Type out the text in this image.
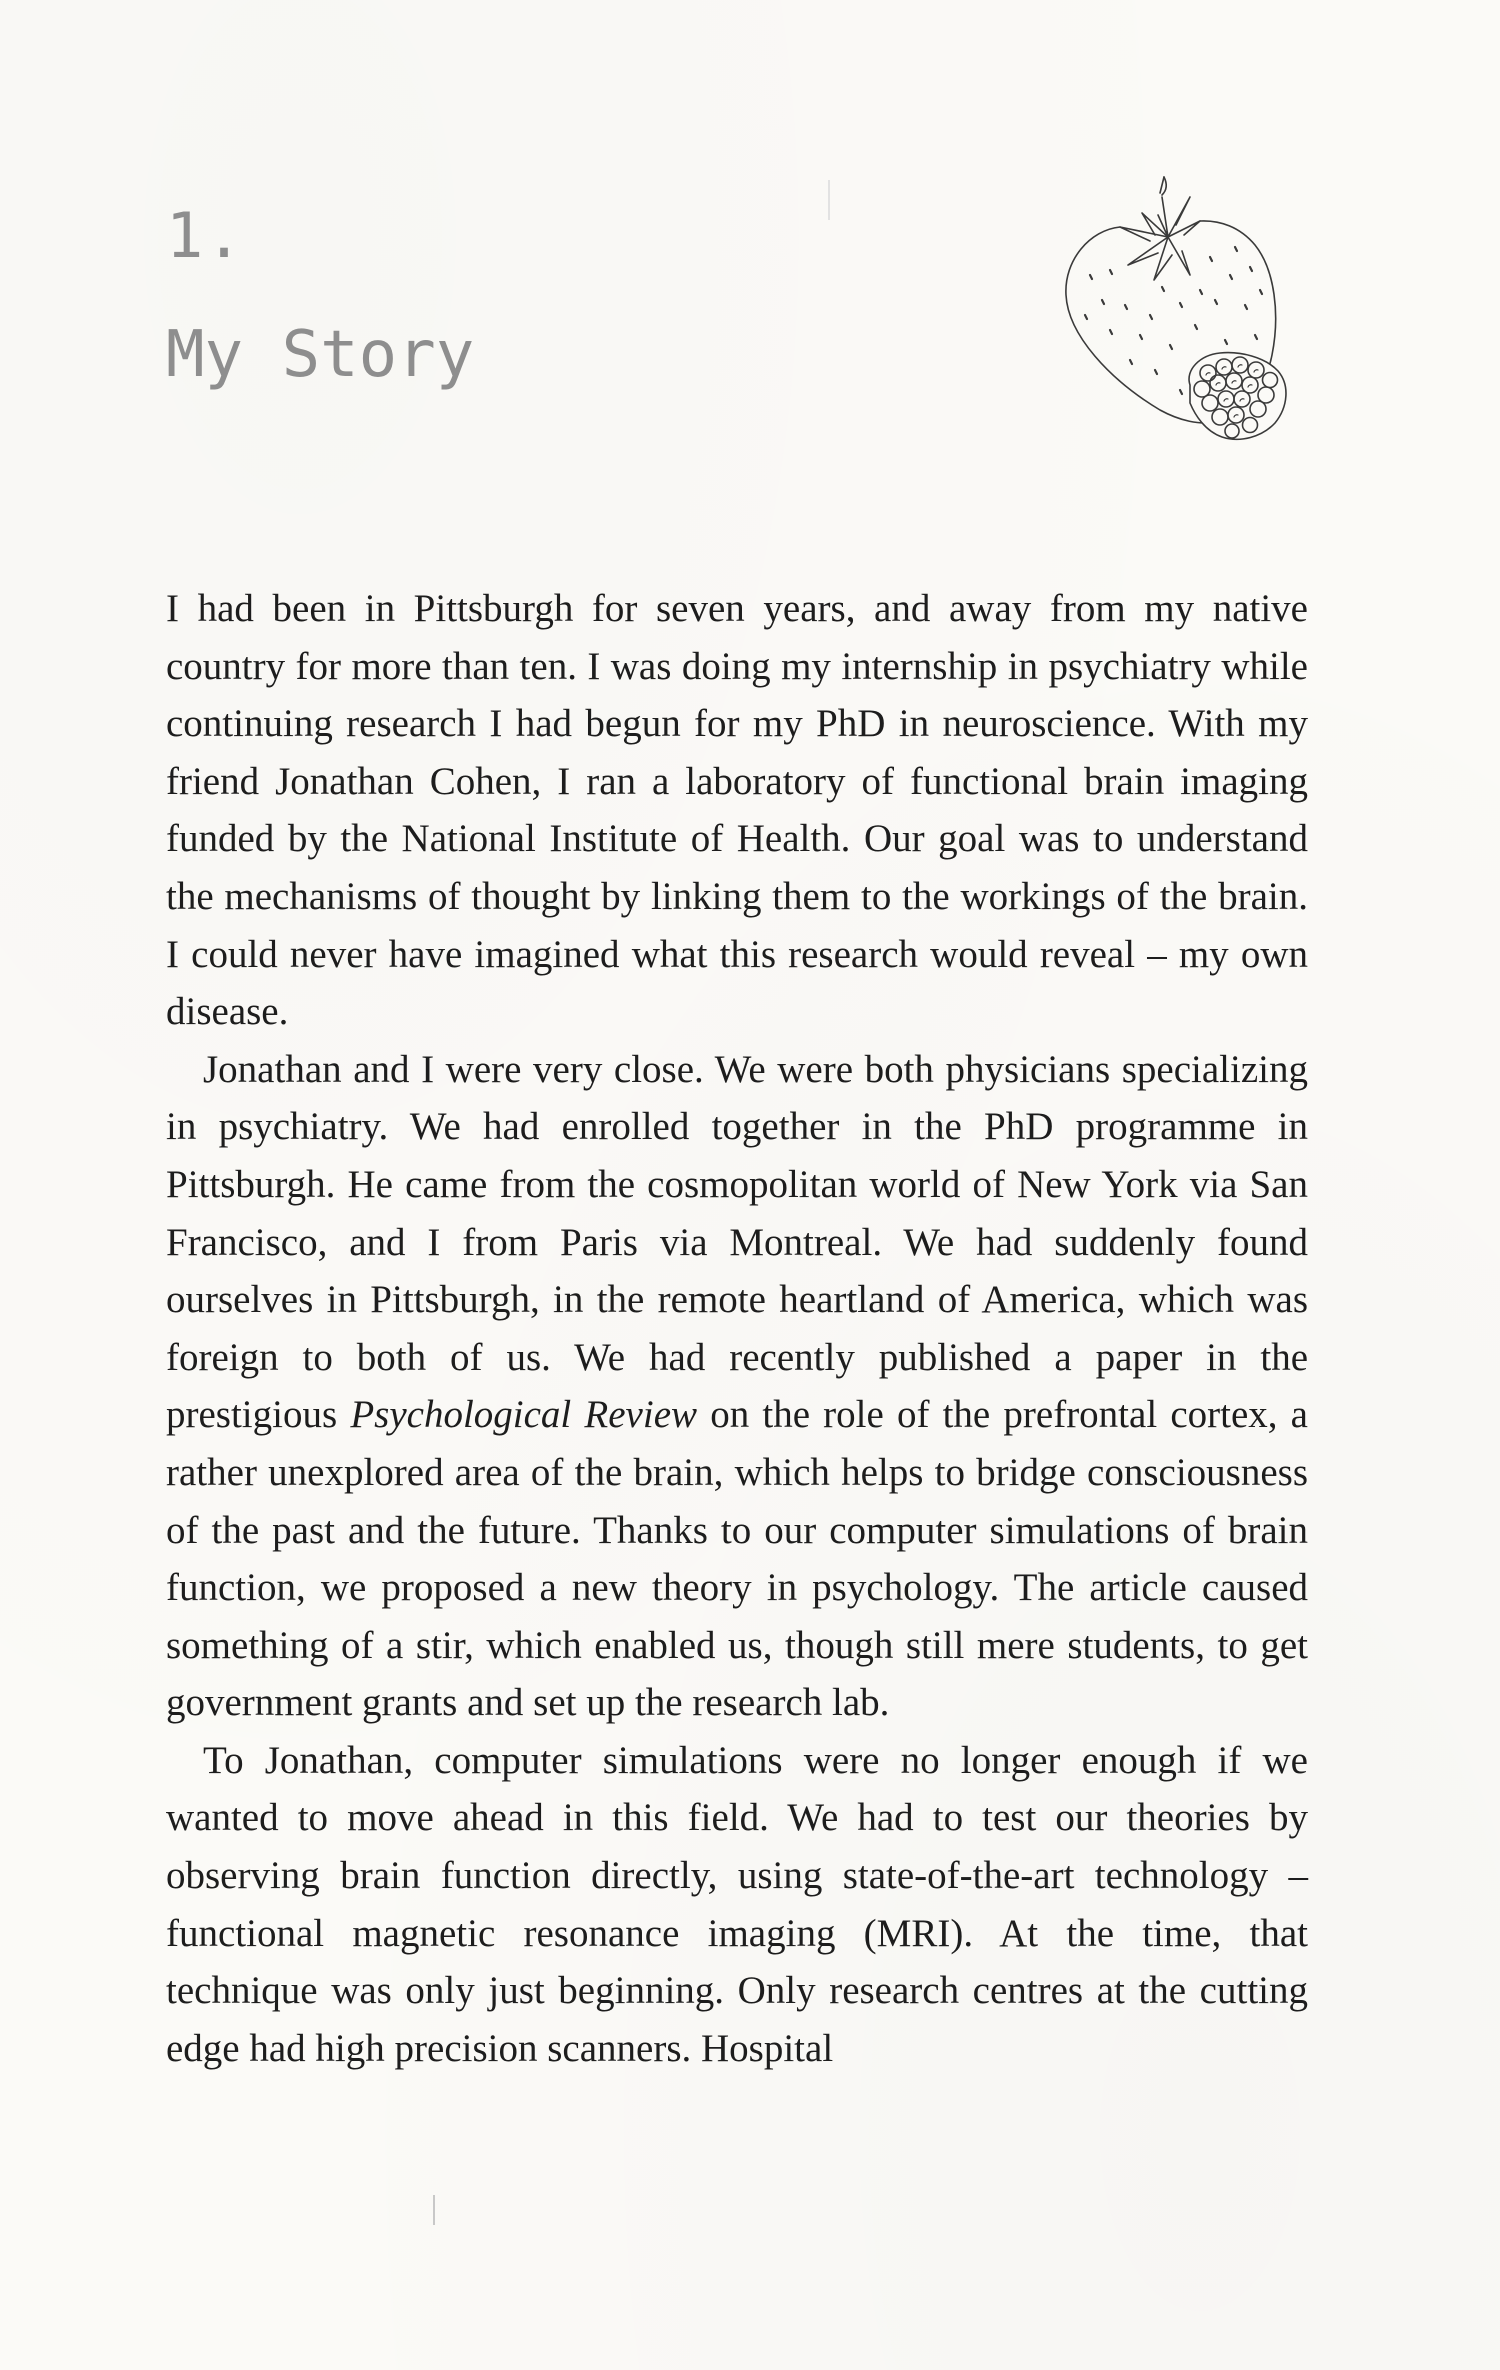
1.
My Story

I had been in Pittsburgh for seven years, and away from my native country for more than ten. I was doing my internship in psychiatry while continuing research I had begun for my PhD in neuroscience. With my friend Jonathan Cohen, I ran a laboratory of functional brain imaging funded by the National Institute of Health. Our goal was to understand the mechanisms of thought by linking them to the workings of the brain. I could never have imagined what this research would reveal – my own disease.

Jonathan and I were very close. We were both physicians specializing in psychiatry. We had enrolled together in the PhD programme in Pittsburgh. He came from the cosmopolitan world of New York via San Francisco, and I from Paris via Montreal. We had suddenly found ourselves in Pittsburgh, in the remote heartland of America, which was foreign to both of us. We had recently published a paper in the prestigious Psychological Review on the role of the prefrontal cortex, a rather unexplored area of the brain, which helps to bridge consciousness of the past and the future. Thanks to our computer simulations of brain function, we proposed a new theory in psychology. The article caused something of a stir, which enabled us, though still mere students, to get government grants and set up the research lab.

To Jonathan, computer simulations were no longer enough if we wanted to move ahead in this field. We had to test our theories by observing brain function directly, using state-of-the-art technology – functional magnetic resonance imaging (MRI). At the time, that technique was only just beginning. Only research centres at the cutting edge had high precision scanners. Hospital
